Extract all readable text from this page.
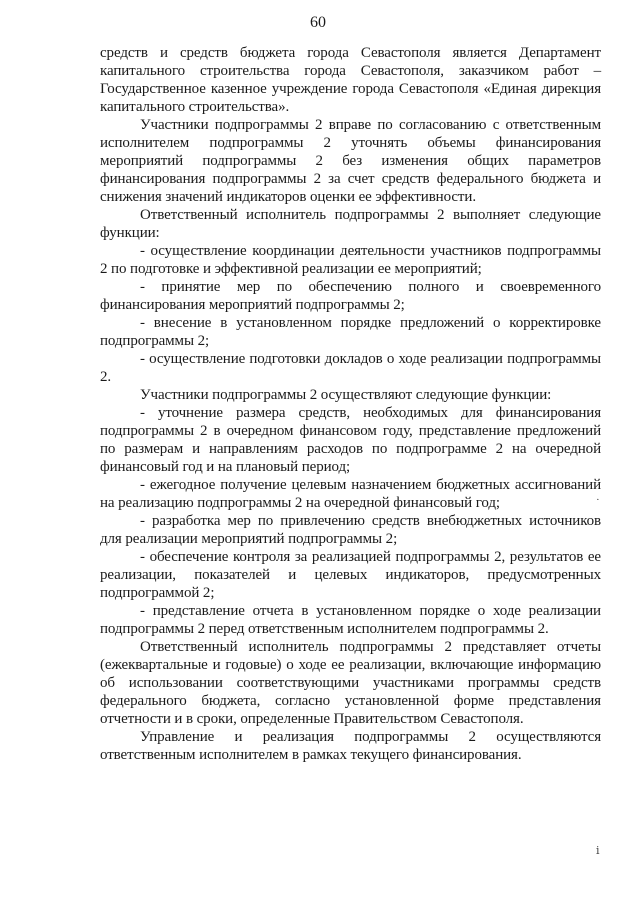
60

средств и средств бюджета города Севастополя является Департамент капитального строительства города Севастополя, заказчиком работ – Государственное казенное учреждение города Севастополя «Единая дирекция капитального строительства».

Участники подпрограммы 2 вправе по согласованию с ответственным исполнителем подпрограммы 2 уточнять объемы финансирования мероприятий подпрограммы 2 без изменения общих параметров финансирования подпрограммы 2 за счет средств федерального бюджета и снижения значений индикаторов оценки ее эффективности.

Ответственный исполнитель подпрограммы 2 выполняет следующие функции:

- осуществление координации деятельности участников подпрограммы 2 по подготовке и эффективной реализации ее мероприятий;

- принятие мер по обеспечению полного и своевременного финансирования мероприятий подпрограммы 2;

- внесение в установленном порядке предложений о корректировке подпрограммы 2;

- осуществление подготовки докладов о ходе реализации подпрограммы 2.

Участники подпрограммы 2 осуществляют следующие функции:

- уточнение размера средств, необходимых для финансирования подпрограммы 2 в очередном финансовом году, представление предложений по размерам и направлениям расходов по подпрограмме 2 на очередной финансовый год и на плановый период;

- ежегодное получение целевым назначением бюджетных ассигнований на реализацию подпрограммы 2 на очередной финансовый год;

- разработка мер по привлечению средств внебюджетных источников для реализации мероприятий подпрограммы 2;

- обеспечение контроля за реализацией подпрограммы 2, результатов ее реализации, показателей и целевых индикаторов, предусмотренных подпрограммой 2;

- представление отчета в установленном порядке о ходе реализации подпрограммы 2 перед ответственным исполнителем подпрограммы 2.

Ответственный исполнитель подпрограммы 2 представляет отчеты (ежеквартальные и годовые) о ходе ее реализации, включающие информацию об использовании соответствующими участниками программы средств федерального бюджета, согласно установленной форме представления отчетности и в сроки, определенные Правительством Севастополя.

Управление и реализация подпрограммы 2 осуществляются ответственным исполнителем в рамках текущего финансирования.

·
ⅰ
